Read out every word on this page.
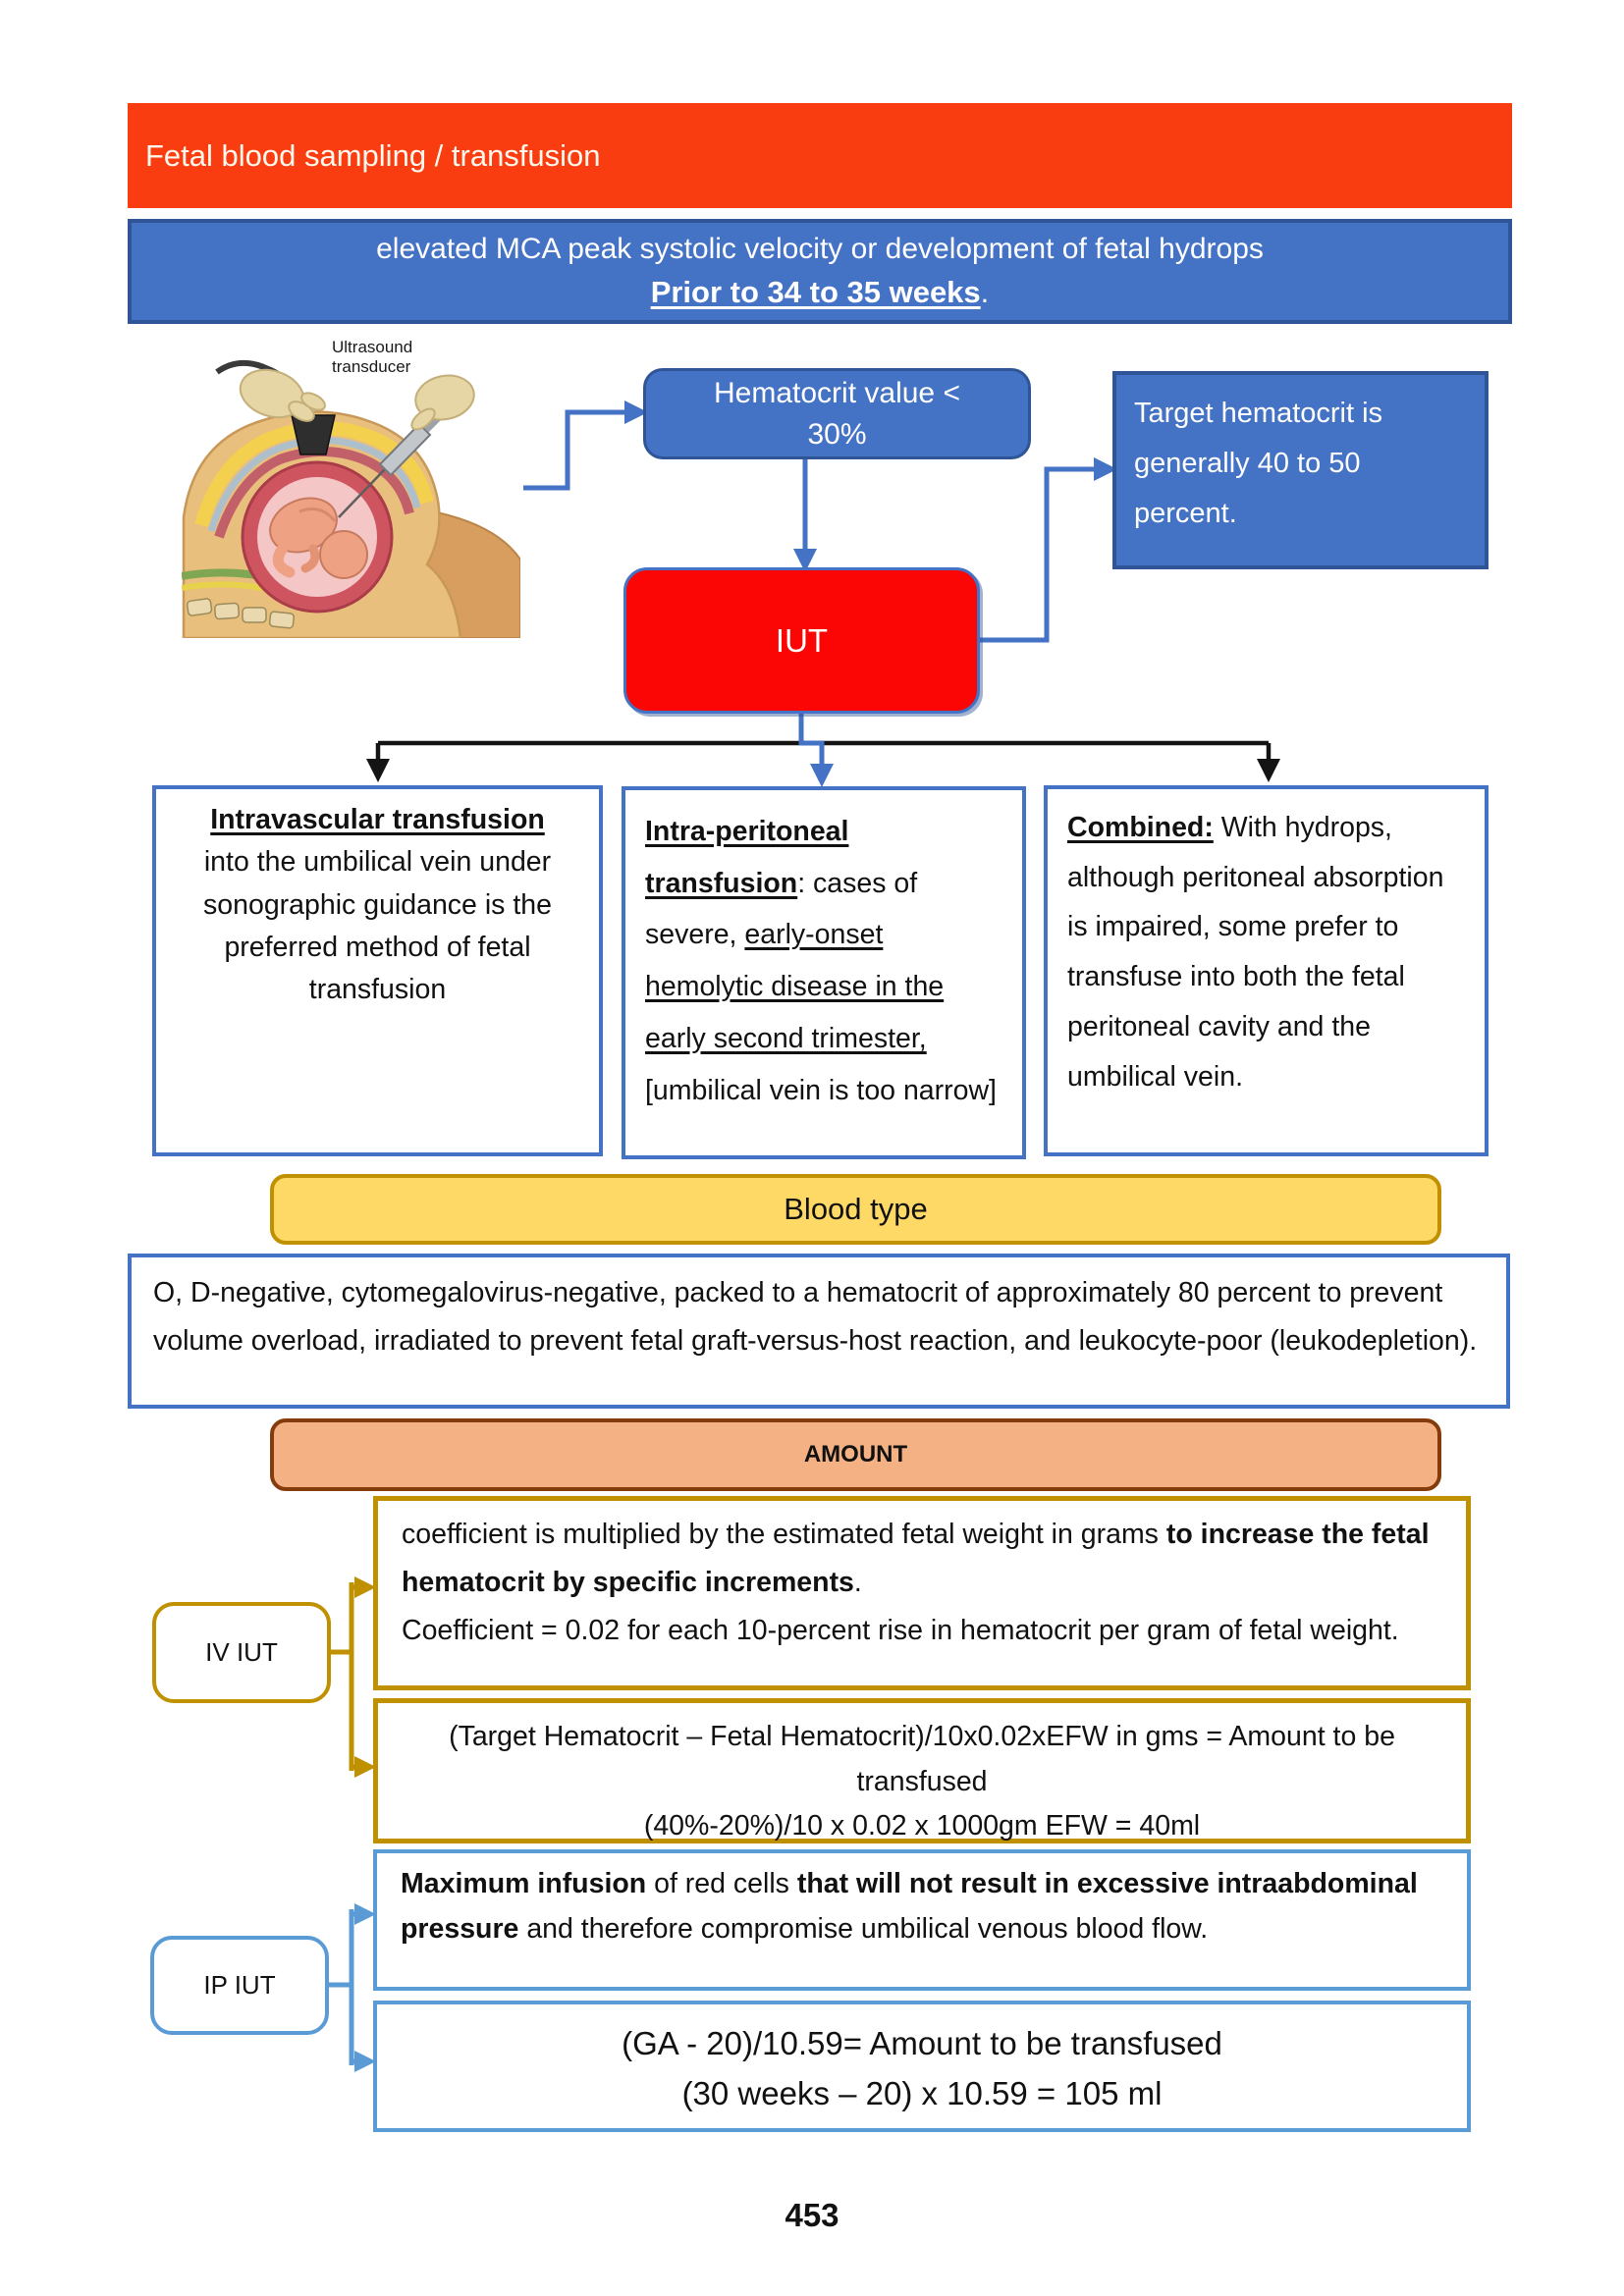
Fetal blood sampling / transfusion
elevated MCA peak systolic velocity or development of fetal hydrops
Prior to 34 to 35 weeks.
Ultrasound
transducer
Hematocrit value <
30%
Target hematocrit is generally 40 to 50 percent.
IUT
Intravascular transfusion
into the umbilical vein under sonographic guidance is the preferred method of fetal transfusion
Intra-peritoneal transfusion: cases of severe, early-onset hemolytic disease in the early second trimester, [umbilical vein is too narrow]
Combined: With hydrops, although peritoneal absorption is impaired, some prefer to transfuse into both the fetal peritoneal cavity and the umbilical vein.
Blood type
O, D-negative, cytomegalovirus-negative, packed to a hematocrit of approximately 80 percent to prevent volume overload, irradiated to prevent fetal graft-versus-host reaction, and leukocyte-poor (leukodepletion).
AMOUNT
IV IUT
coefficient is multiplied by the estimated fetal weight in grams to increase the fetal hematocrit by specific increments.
Coefficient = 0.02 for each 10-percent rise in hematocrit per gram of fetal weight.
(Target Hematocrit – Fetal Hematocrit)/10x0.02xEFW in gms = Amount to be transfused
(40%-20%)/10 x 0.02 x 1000gm EFW = 40ml
Maximum infusion of red cells that will not result in excessive intraabdominal pressure and therefore compromise umbilical venous blood flow.
IP IUT
(GA - 20)/10.59= Amount to be transfused
(30 weeks – 20) x 10.59 = 105 ml
453
